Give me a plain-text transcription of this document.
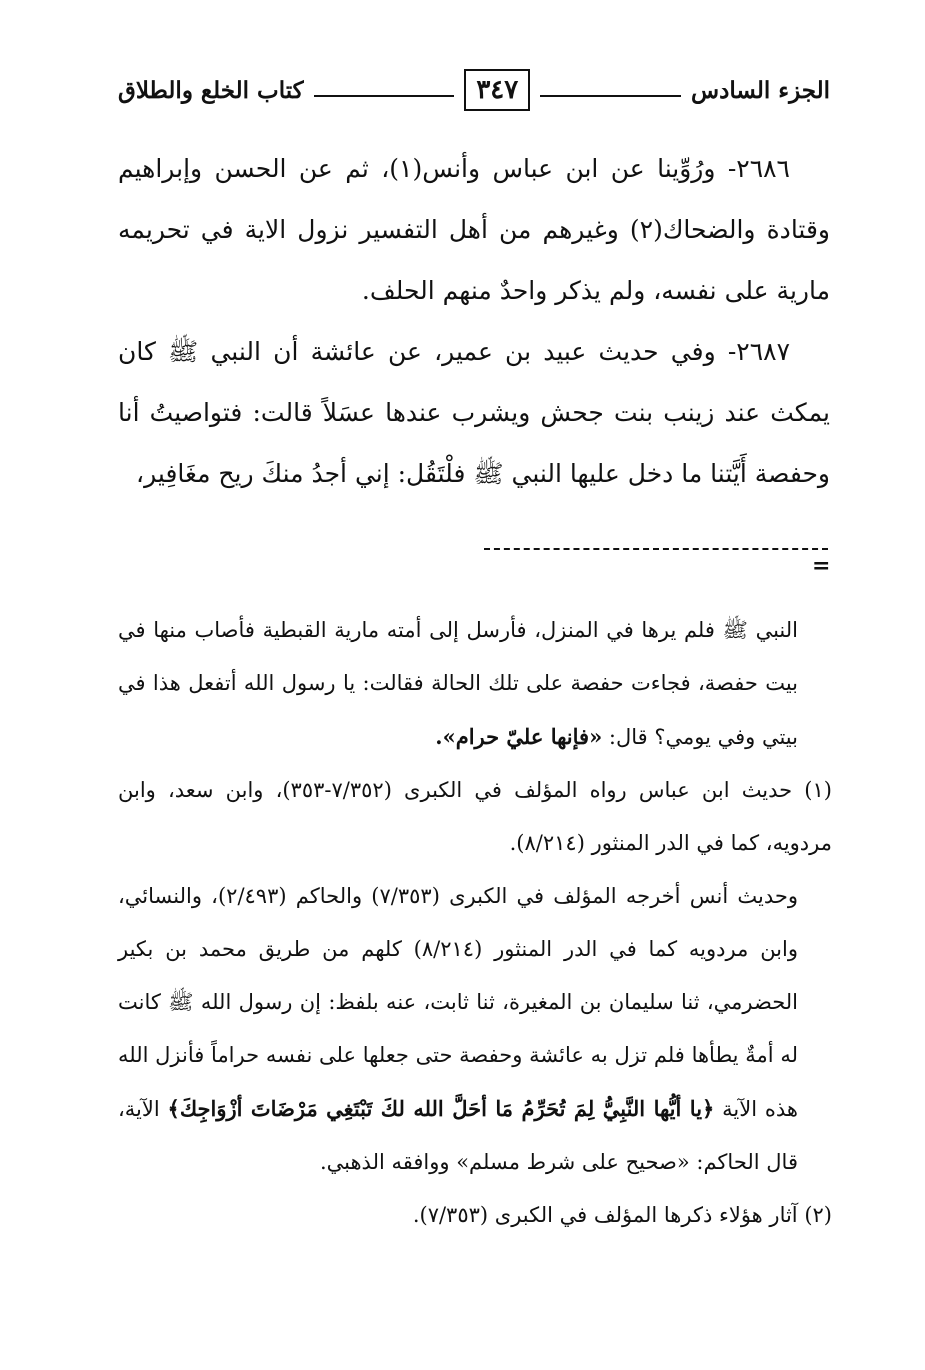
الجزء السادس
٣٤٧
كتاب الخلع والطلاق

٢٦٨٦- ورُوِّينا عن ابن عباس وأنس(١)، ثم عن الحسن وإبراهيم وقتادة والضحاك(٢) وغيرهم من أهل التفسير نزول الاية في تحريمه مارية على نفسه، ولم يذكر واحدٌ منهم الحلف.

٢٦٨٧- وفي حديث عبيد بن عمير، عن عائشة أن النبي ﷺ كان يمكث عند زينب بنت جحش ويشرب عندها عسَلاً قالت: فتواصيتُ أنا وحفصة أَيَّتنا ما دخل عليها النبي ﷺ فلْتَقُل: إني أجدُ منكَ ريح مغَافِير،

=

النبي ﷺ فلم يرها في المنزل، فأرسل إلى أمته مارية القبطية فأصاب منها في بيت حفصة، فجاءت حفصة على تلك الحالة فقالت: يا رسول الله أتفعل هذا في بيتي وفي يومي؟ قال: «فإنها عليّ حرام».

(١) حديث ابن عباس رواه المؤلف في الكبرى (٧/٣٥٢-٣٥٣)، وابن سعد، وابن مردويه، كما في الدر المنثور (٨/٢١٤).

وحديث أنس أخرجه المؤلف في الكبرى (٧/٣٥٣) والحاكم (٢/٤٩٣)، والنسائي، وابن مردويه كما في الدر المنثور (٨/٢١٤) كلهم من طريق محمد بن بكير الحضرمي، ثنا سليمان بن المغيرة، ثنا ثابت، عنه بلفظ: إن رسول الله ﷺ كانت له أمةٌ يطأها فلم تزل به عائشة وحفصة حتى جعلها على نفسه حراماً فأنزل الله هذه الآية ﴿يا أيُّها النَّبِيُّ لِمَ تُحَرِّمُ مَا أحَلَّ الله لكَ تَبْتَغِي مَرْضَاتَ أزْوَاجِكَ﴾ الآية، قال الحاكم: «صحيح على شرط مسلم» ووافقه الذهبي.

(٢) آثار هؤلاء ذكرها المؤلف في الكبرى (٧/٣٥٣).
